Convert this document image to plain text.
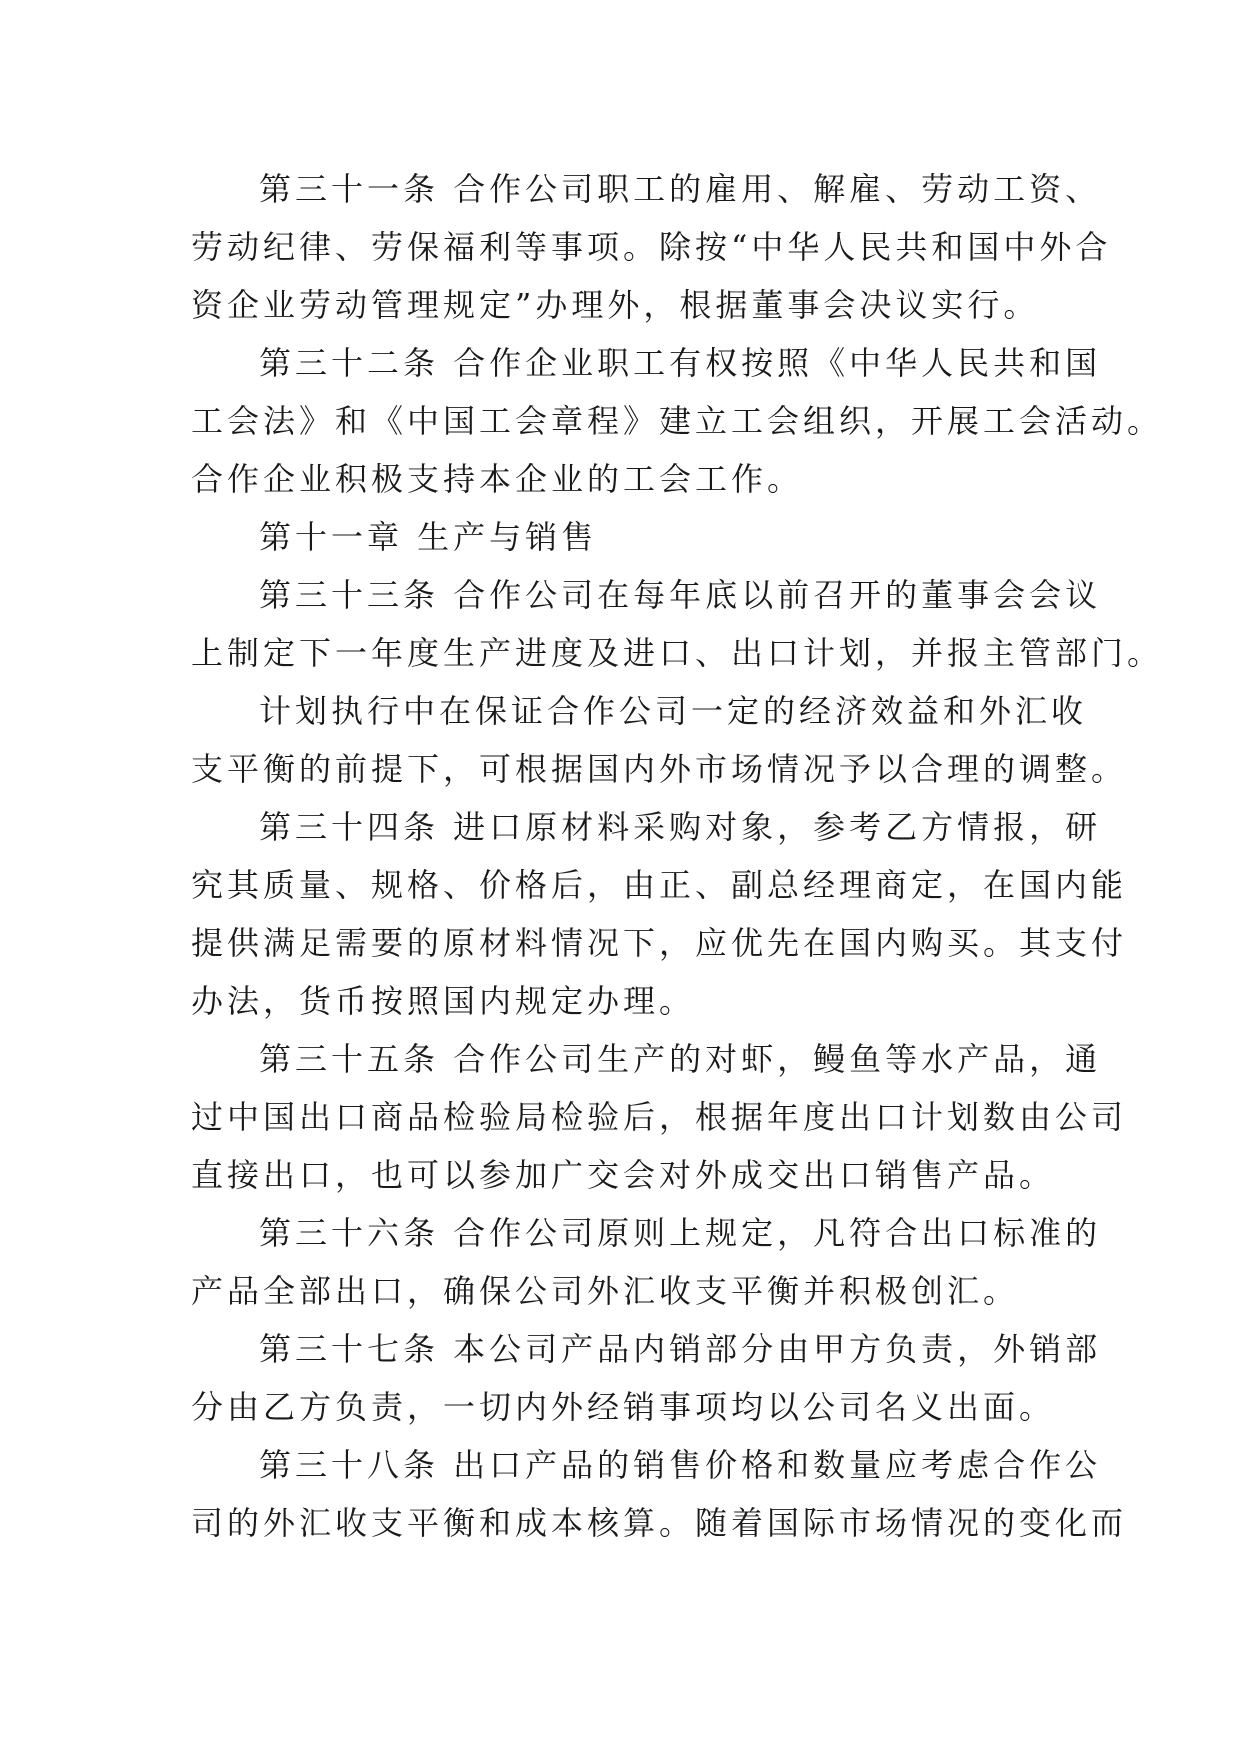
第三十一条 合作公司职工的雇用、解雇、劳动工资、
劳动纪律、劳保福利等事项。除按“中华人民共和国中外合
资企业劳动管理规定”办理外，根据董事会决议实行。
第三十二条 合作企业职工有权按照《中华人民共和国
工会法》和《中国工会章程》建立工会组织，开展工会活动。
合作企业积极支持本企业的工会工作。
第十一章 生产与销售
第三十三条 合作公司在每年底以前召开的董事会会议
上制定下一年度生产进度及进口、出口计划，并报主管部门。
计划执行中在保证合作公司一定的经济效益和外汇收
支平衡的前提下，可根据国内外市场情况予以合理的调整。
第三十四条 进口原材料采购对象，参考乙方情报，研
究其质量、规格、价格后，由正、副总经理商定，在国内能
提供满足需要的原材料情况下，应优先在国内购买。其支付
办法，货币按照国内规定办理。
第三十五条 合作公司生产的对虾，鳗鱼等水产品，通
过中国出口商品检验局检验后，根据年度出口计划数由公司
直接出口，也可以参加广交会对外成交出口销售产品。
第三十六条 合作公司原则上规定，凡符合出口标准的
产品全部出口，确保公司外汇收支平衡并积极创汇。
第三十七条 本公司产品内销部分由甲方负责，外销部
分由乙方负责，一切内外经销事项均以公司名义出面。
第三十八条 出口产品的销售价格和数量应考虑合作公
司的外汇收支平衡和成本核算。随着国际市场情况的变化而
